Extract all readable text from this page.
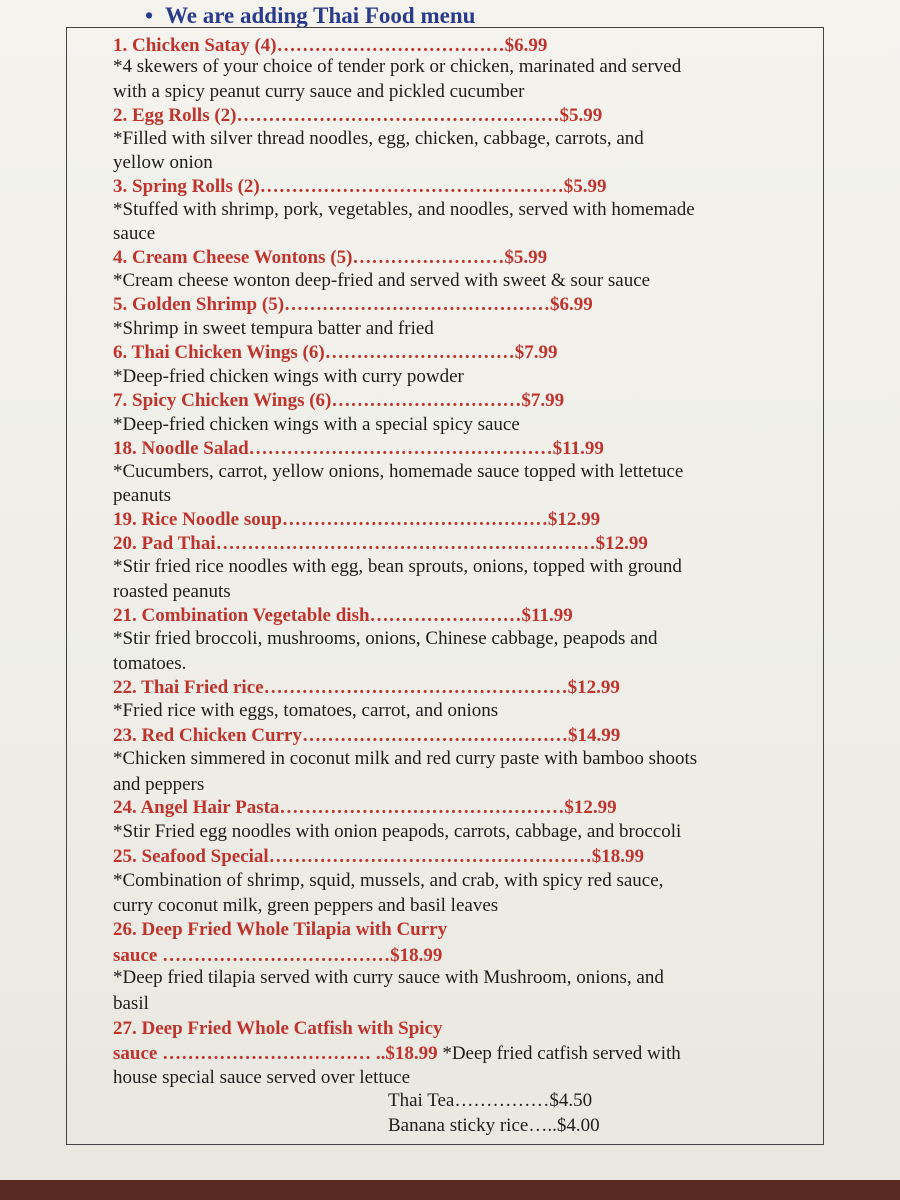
• We are adding Thai Food menu
1. Chicken Satay (4)………………………………$6.99
*4 skewers of your choice of tender pork or chicken, marinated and served
with a spicy peanut curry sauce and pickled cucumber
2. Egg Rolls (2)……………………………………………$5.99
*Filled with silver thread noodles, egg, chicken, cabbage, carrots, and
yellow onion
3. Spring Rolls (2)…………………………………………$5.99
*Stuffed with shrimp, pork, vegetables, and noodles, served with homemade
sauce
4. Cream Cheese Wontons (5)……………………$5.99
*Cream cheese wonton deep-fried and served with sweet & sour sauce
5. Golden Shrimp (5)……………………………………$6.99
*Shrimp in sweet tempura batter and fried
6. Thai Chicken Wings (6)…………………………$7.99
*Deep-fried chicken wings with curry powder
7. Spicy Chicken Wings (6)…………………………$7.99
*Deep-fried chicken wings with a special spicy sauce
18. Noodle Salad…………………………………………$11.99
*Cucumbers, carrot, yellow onions, homemade sauce topped with lettetuce
peanuts
19. Rice Noodle soup……………………………………$12.99
20. Pad Thai……………………………………………………$12.99
*Stir fried rice noodles with egg, bean sprouts, onions, topped with ground
roasted peanuts
21. Combination Vegetable dish……………………$11.99
*Stir fried broccoli, mushrooms, onions, Chinese cabbage, peapods and
tomatoes.
22. Thai Fried rice…………………………………………$12.99
*Fried rice with eggs, tomatoes, carrot, and onions
23. Red Chicken Curry……………………………………$14.99
*Chicken simmered in coconut milk and red curry paste with bamboo shoots
and peppers
24. Angel Hair Pasta………………………………………$12.99
*Stir Fried egg noodles with onion peapods, carrots, cabbage, and broccoli
25. Seafood Special……………………………………………$18.99
*Combination of shrimp, squid, mussels, and crab, with spicy red sauce,
curry coconut milk, green peppers and basil leaves
26. Deep Fried Whole Tilapia with Curry
sauce ………………………………$18.99
*Deep fried tilapia served with curry sauce with Mushroom, onions, and
basil
27. Deep Fried Whole Catfish with Spicy
sauce …………………………… ..$18.99 *Deep fried catfish served with
house special sauce served over lettuce
Thai Tea……………$4.50
Banana sticky rice…..$4.00
